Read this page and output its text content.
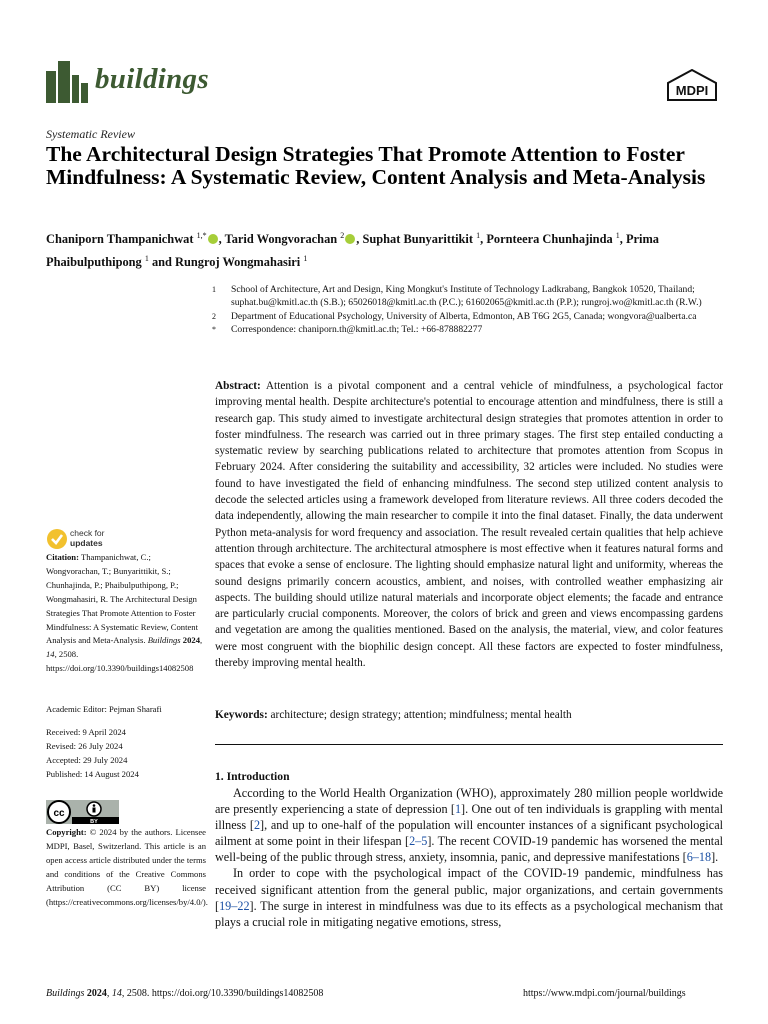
buildings	MDPI
Systematic Review
The Architectural Design Strategies That Promote Attention to Foster Mindfulness: A Systematic Review, Content Analysis and Meta-Analysis
Chaniporn Thampanichwat $^{1,*}$ , Tarid Wongvorachan $^2$ , Suphat Bunyarittikit $^1$, Pornteera Chunhajinda $^1$, Prima Phaibulputhipong $^1$ and Rungroj Wongmahasiri $^1$
1	School of Architecture, Art and Design, King Mongkut's Institute of Technology Ladkrabang, Bangkok 10520, Thailand; suphat.bu@kmitl.ac.th (S.B.); 65026018@kmitl.ac.th (P.C.); 61602065@kmitl.ac.th (P.P.); rungroj.wo@kmitl.ac.th (R.W.)
2	Department of Educational Psychology, University of Alberta, Edmonton, AB T6G 2G5, Canada; wongvora@ualberta.ca
*	Correspondence: chaniporn.th@kmitl.ac.th; Tel.: +66-878882277
Abstract: Attention is a pivotal component and a central vehicle of mindfulness, a psychological factor improving mental health. Despite architecture's potential to encourage attention and mindfulness, there is still a research gap. This study aimed to investigate architectural design strategies that promotes attention in order to foster mindfulness. The research was carried out in three primary stages. The first step entailed conducting a systematic review by searching publications related to architecture that promotes attention from Scopus in February 2024. After considering the suitability and accessibility, 32 articles were included. No studies were found to have investigated the field of enhancing mindfulness. The second step utilized content analysis to decode the selected articles using a framework developed from literature reviews. All three coders decoded the data independently, allowing the main researcher to compile it into the final dataset. Finally, the data underwent Python meta-analysis for word frequency and association. The result revealed certain qualities that help achieve attention through architecture. The architectural atmosphere is most effective when it features natural forms and spaces that evoke a sense of enclosure. The lighting should emphasize natural light and uniformity, whereas the sound designs primarily concern acoustics, ambient, and noises, with controlled weather emphasizing air aspects. The building should utilize natural materials and incorporate object elements; the facade and entrance are particularly crucial components. Moreover, the colors of brick and green and views encompassing gardens and vegetation are among the qualities mentioned. Based on the analysis, the material, view, and color features were most congruent with the biophilic design concept. All these factors are expected to foster mindfulness, thereby improving mental health.
Keywords: architecture; design strategy; attention; mindfulness; mental health
check for
updates
Citation: Thampanichwat, C.; Wongvorachan, T.; Bunyarittikit, S.; Chunhajinda, P.; Phaibulputhipong, P.; Wongmahasiri, R. The Architectural Design Strategies That Promote Attention to Foster Mindfulness: A Systematic Review, Content Analysis and Meta-Analysis. Buildings 2024, 14, 2508. https://doi.org/10.3390/buildings14082508
Academic Editor: Pejman Sharafi
Received: 9 April 2024
Revised: 26 July 2024
Accepted: 29 July 2024
Published: 14 August 2024
cc
BY
Copyright: © 2024 by the authors. Licensee MDPI, Basel, Switzerland. This article is an open access article distributed under the terms and conditions of the Creative Commons Attribution (CC BY) license (https://creativecommons.org/licenses/by/4.0/).
1. Introduction

According to the World Health Organization (WHO), approximately 280 million people worldwide are presently experiencing a state of depression [1]. One out of ten individuals is grappling with mental illness [2], and up to one-half of the population will encounter instances of a significant psychological ailment at some point in their lifespan [2–5]. The recent COVID-19 pandemic has worsened the mental well-being of the public through stress, anxiety, insomnia, panic, and depressive manifestations [6–18].

In order to cope with the psychological impact of the COVID-19 pandemic, mindfulness has received significant attention from the general public, major organizations, and certain governments [19–22]. The surge in interest in mindfulness was due to its effects as a psychological mechanism that plays a crucial role in mitigating negative emotions, stress,

Buildings 2024, 14, 2508. https://doi.org/10.3390/buildings14082508	https://www.mdpi.com/journal/buildings
